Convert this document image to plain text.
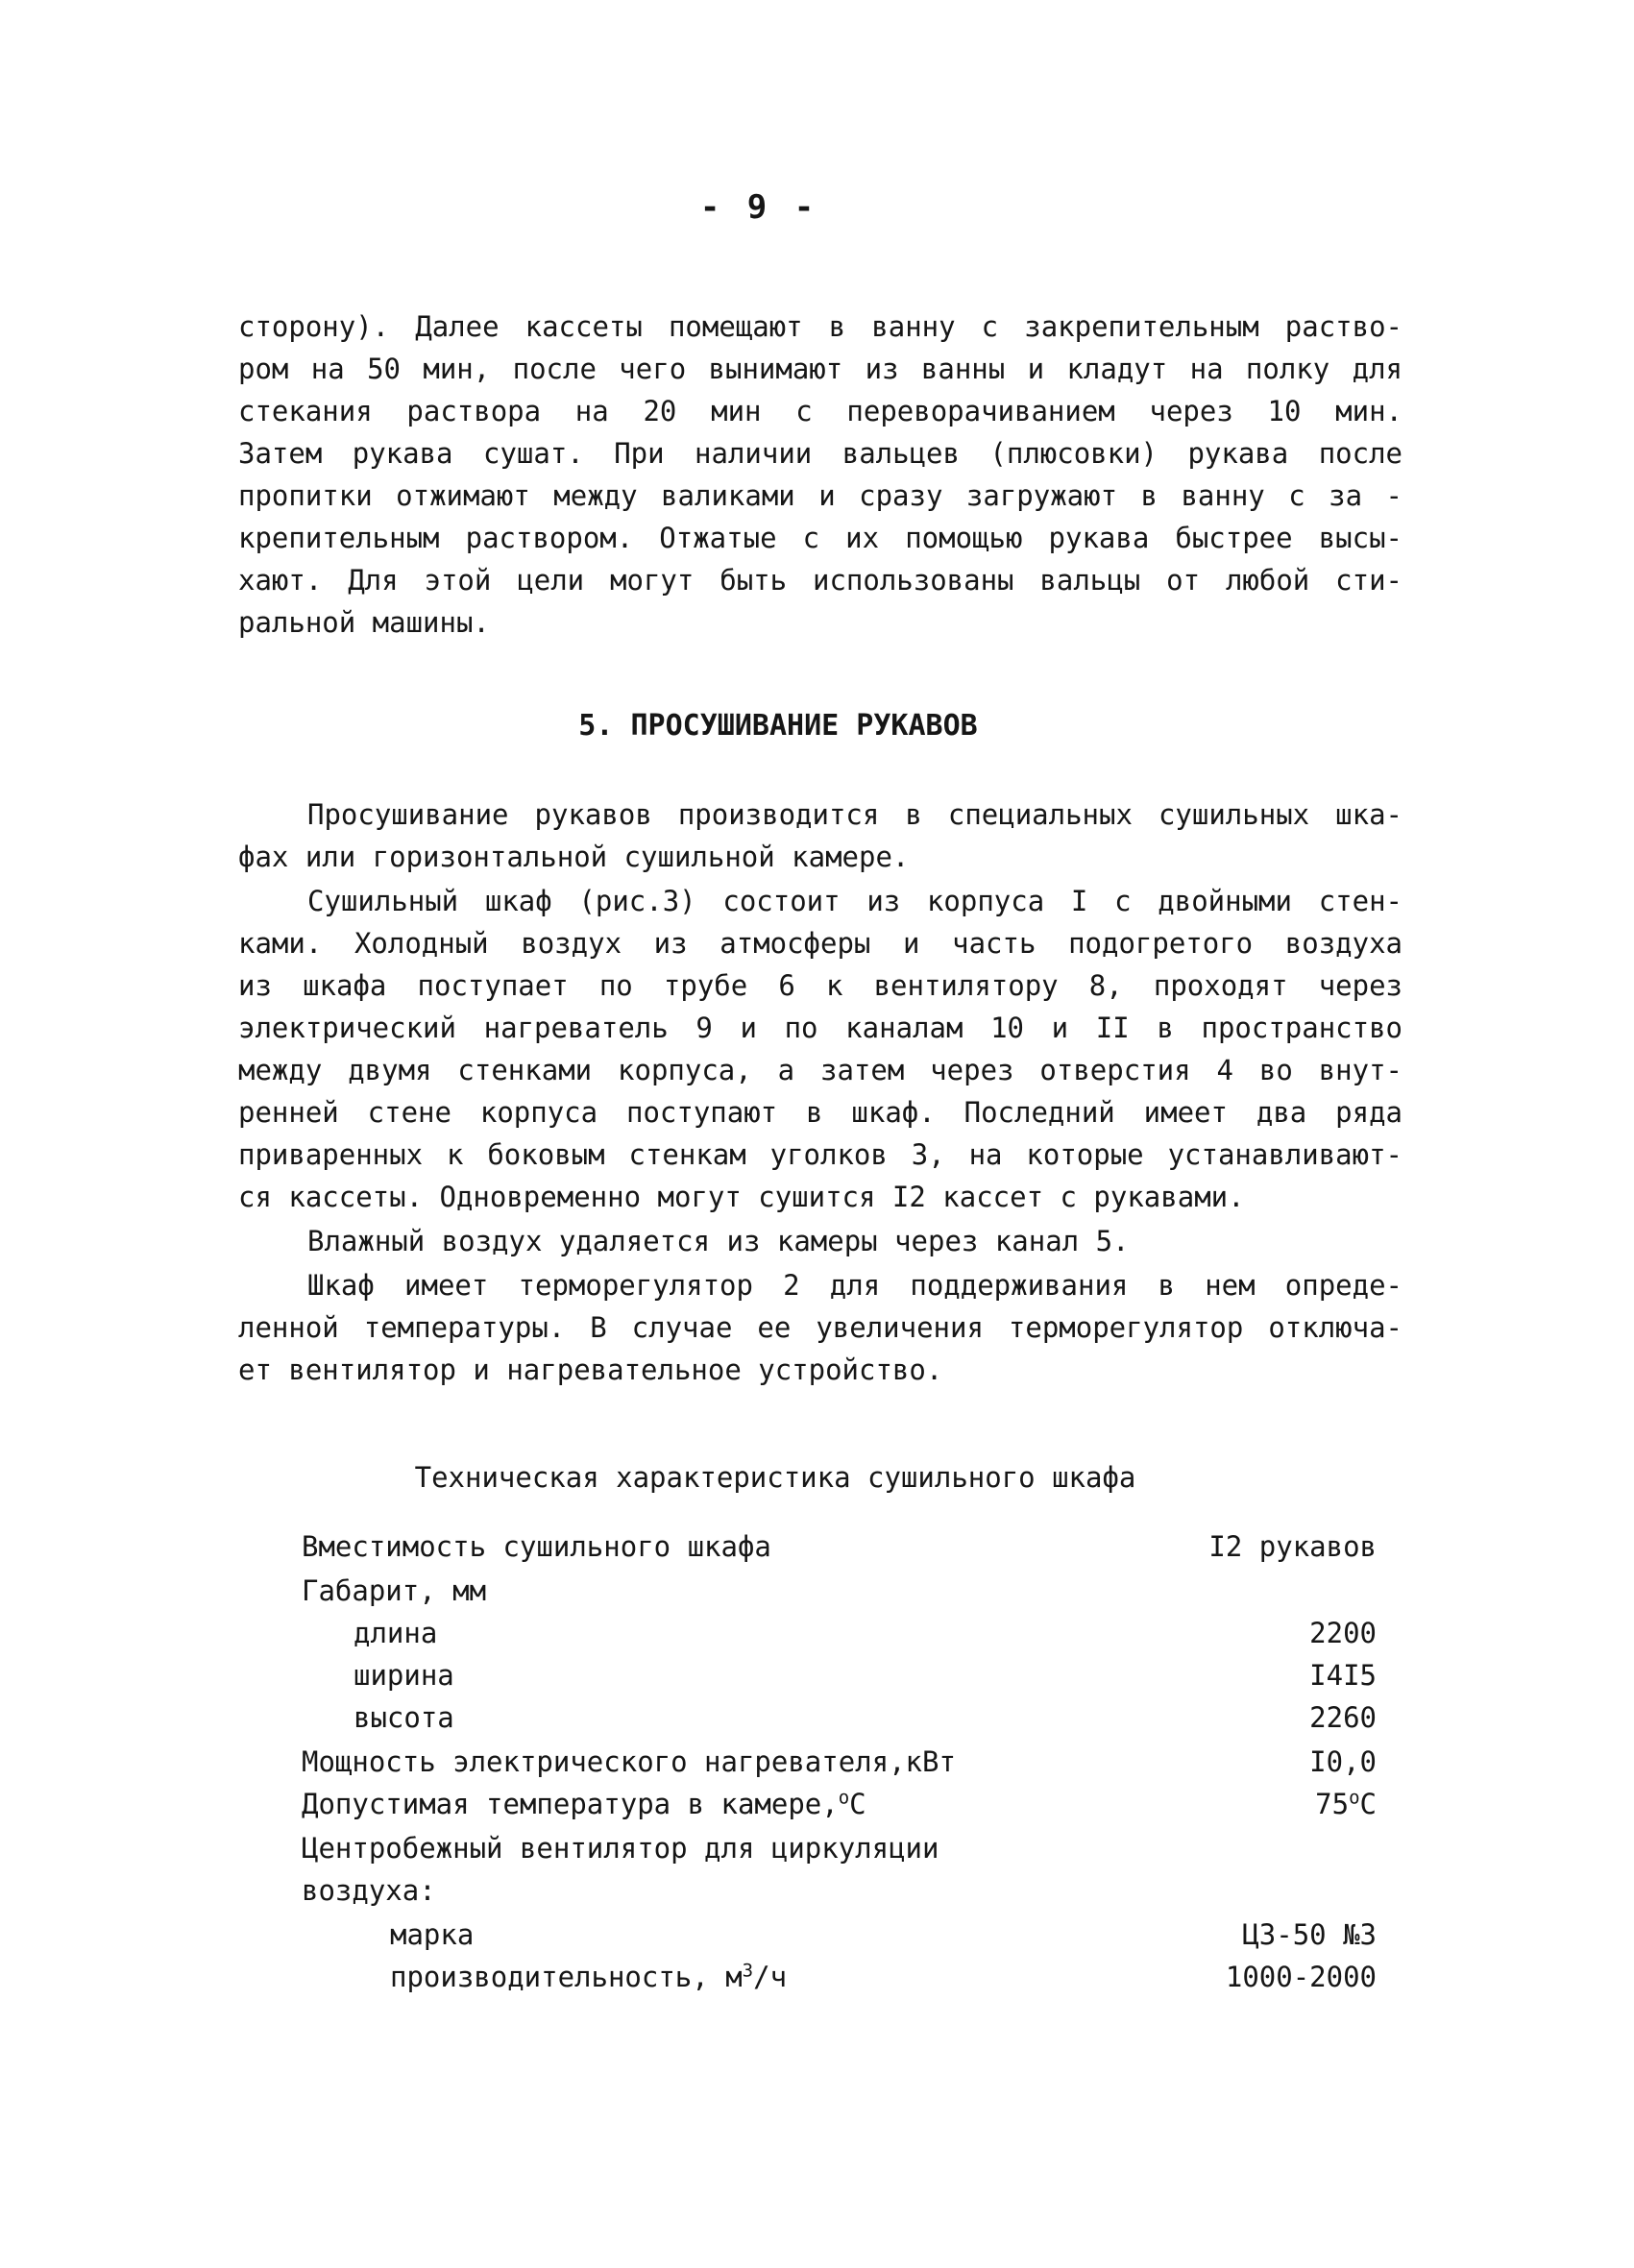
- 9 -
сторону). Далее кассеты помещают в ванну с закрепительным раство-
ром на 50 мин, после чего вынимают из ванны и кладут на полку для
стекания раствора на 20 мин с переворачиванием через 10 мин.
Затем рукава сушат. При наличии вальцев (плюсовки) рукава после
пропитки отжимают между валиками и сразу загружают в ванну с за -
крепительным раствором. Отжатые с их помощью рукава быстрее высы-
хают. Для этой цели могут быть использованы вальцы от любой сти-
ральной машины.
5. ПРОСУШИВАНИЕ РУКАВОВ
Просушивание рукавов производится в специальных сушильных шка-
фах или горизонтальной сушильной камере.
Сушильный шкаф (рис.3) состоит из корпуса I с двойными стен-
ками. Холодный воздух из атмосферы и часть подогретого воздуха
из шкафа поступает по трубе 6 к вентилятору 8, проходят через
электрический нагреватель 9 и по каналам 10 и II в пространство
между двумя стенками корпуса, а затем через отверстия 4 во внут-
ренней стене корпуса поступают в шкаф. Последний имеет два ряда
приваренных к боковым стенкам уголков 3, на которые устанавливают-
ся кассеты. Одновременно могут сушится I2 кассет с рукавами.
Влажный воздух удаляется из камеры через канал 5.
Шкаф имеет терморегулятор 2 для поддерживания в нем опреде-
ленной температуры. В случае ее увеличения терморегулятор отключа-
ет вентилятор и нагревательное устройство.
Техническая характеристика сушильного шкафа
Вместимость сушильного шкафа	I2 рукавов
Габарит, мм
длина	2200
ширина	I4I5
высота	2260
Мощность электрического нагревателя,кВт	I0,0
Допустимая температура в камере,$^о$С	$75^оС$
Центробежный вентилятор для циркуляции
воздуха:
марка	ЦЗ-50 №3
производительность, $м^3/ч$	1000-2000
